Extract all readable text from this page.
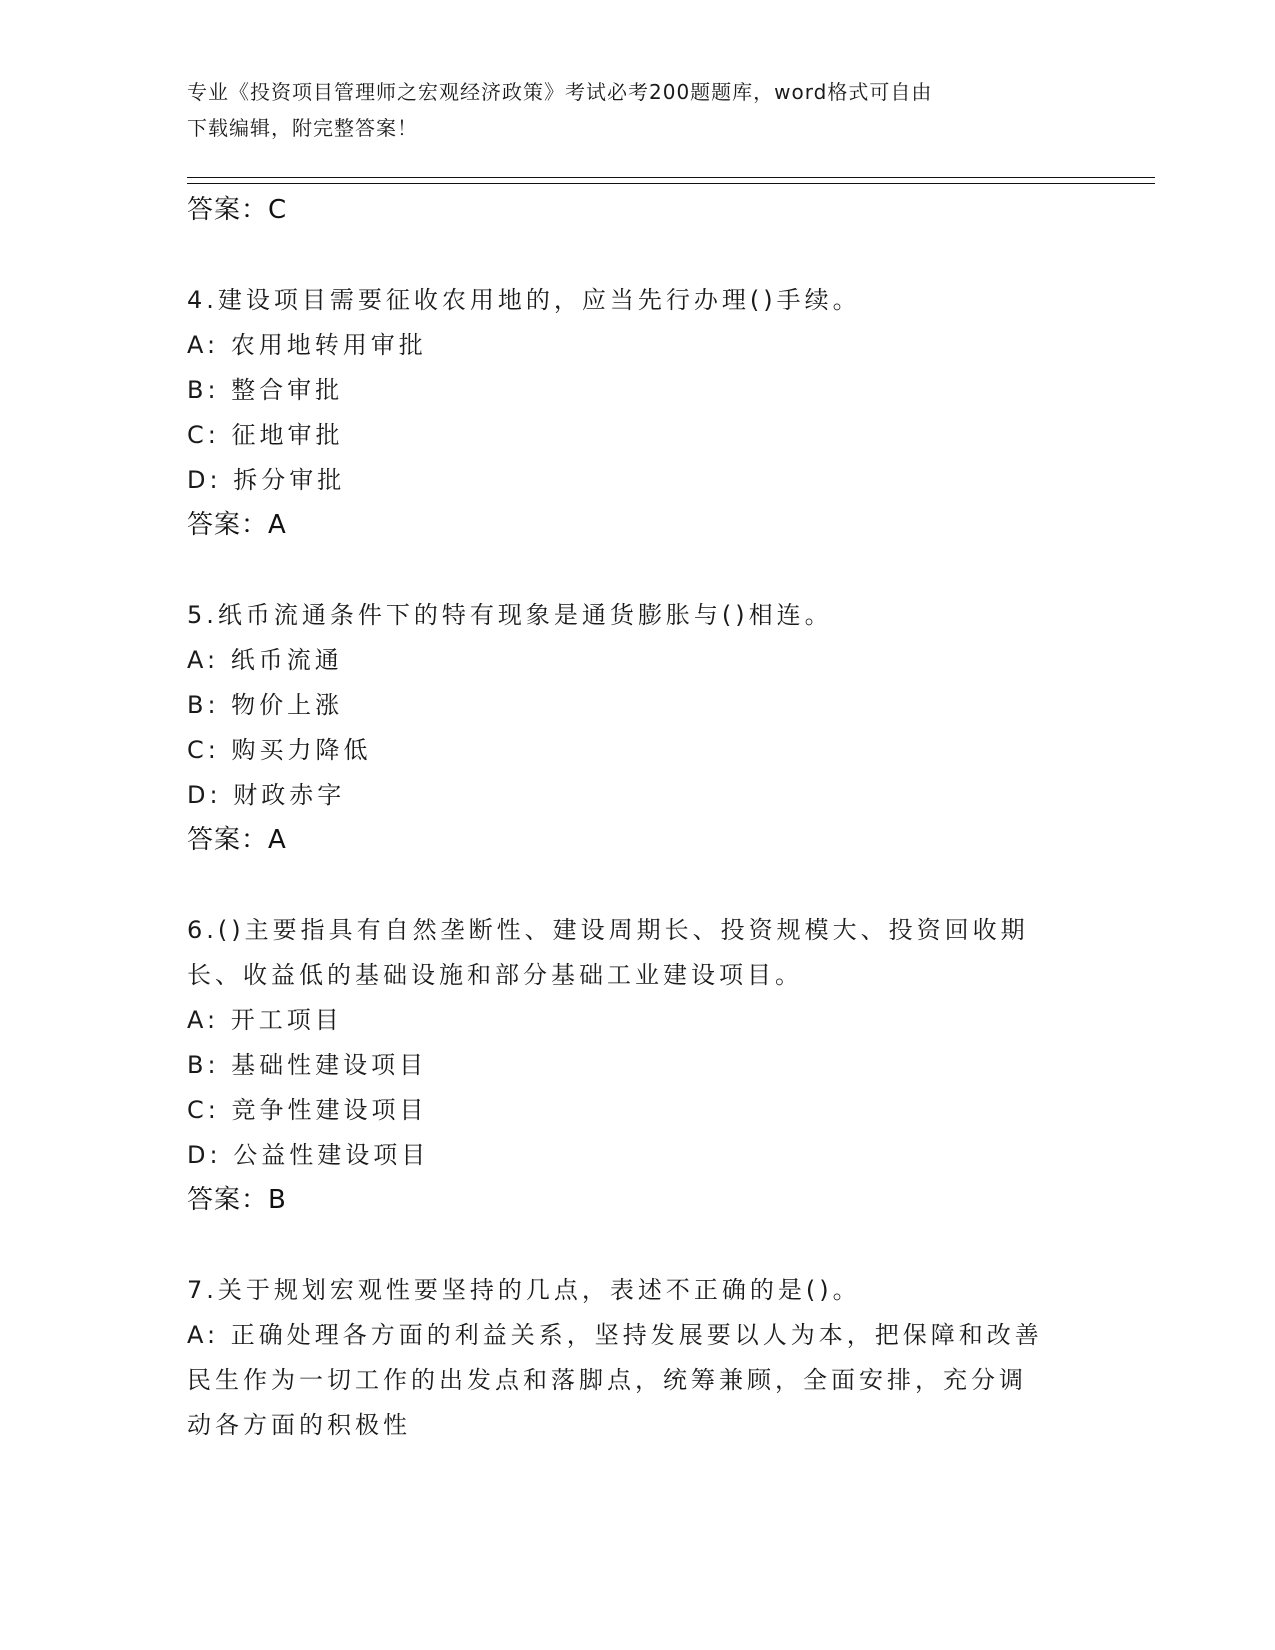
专业《投资项目管理师之宏观经济政策》考试必考200题题库，word格式可自由
下载编辑，附完整答案！
答案：C
4.建设项目需要征收农用地的，应当先行办理()手续。
A: 农用地转用审批
B: 整合审批
C: 征地审批
D: 拆分审批
答案：A
5.纸币流通条件下的特有现象是通货膨胀与()相连。
A: 纸币流通
B: 物价上涨
C: 购买力降低
D: 财政赤字
答案：A
6.()主要指具有自然垄断性、建设周期长、投资规模大、投资回收期
长、收益低的基础设施和部分基础工业建设项目。
A: 开工项目
B: 基础性建设项目
C: 竞争性建设项目
D: 公益性建设项目
答案：B
7.关于规划宏观性要坚持的几点，表述不正确的是()。
A: 正确处理各方面的利益关系，坚持发展要以人为本，把保障和改善
民生作为一切工作的出发点和落脚点，统筹兼顾，全面安排，充分调
动各方面的积极性
